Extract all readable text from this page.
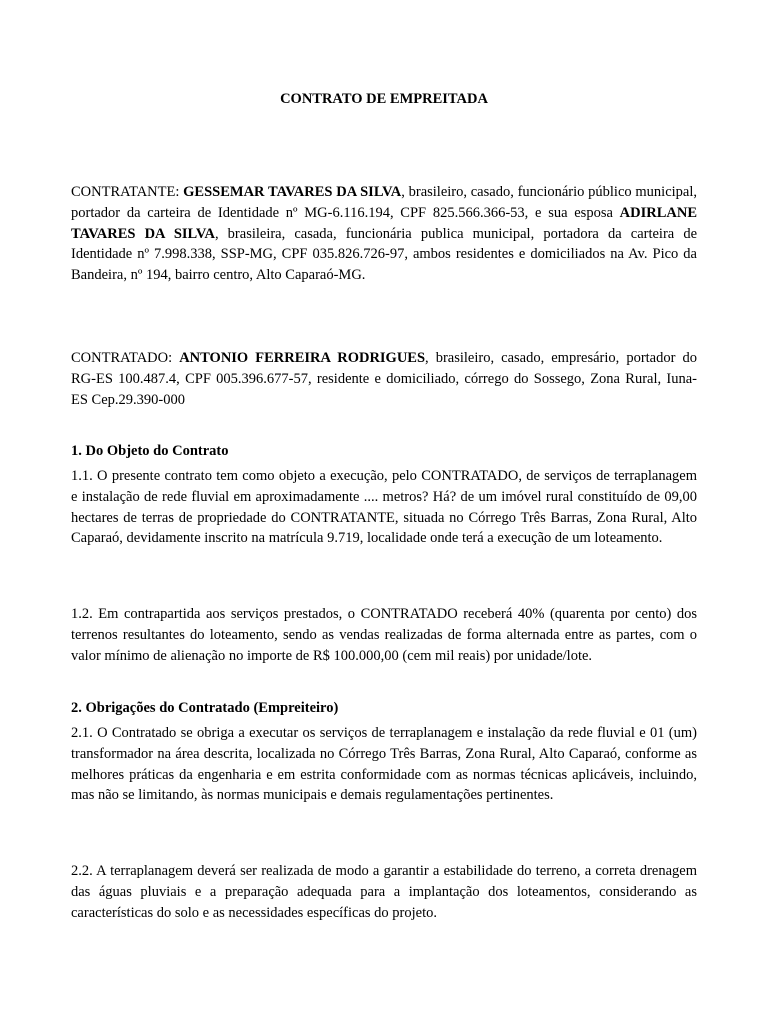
CONTRATO DE EMPREITADA
CONTRATANTE: GESSEMAR TAVARES DA SILVA, brasileiro, casado, funcionário público municipal, portador da carteira de Identidade nº MG-6.116.194, CPF 825.566.366-53, e sua esposa ADIRLANE TAVARES DA SILVA, brasileira, casada, funcionária publica municipal, portadora da carteira de Identidade nº 7.998.338, SSP-MG, CPF 035.826.726-97, ambos residentes e domiciliados na Av. Pico da Bandeira, nº 194, bairro centro, Alto Caparaó-MG.
CONTRATADO: ANTONIO FERREIRA RODRIGUES, brasileiro, casado, empresário, portador do RG-ES 100.487.4, CPF 005.396.677-57, residente e domiciliado, córrego do Sossego, Zona Rural, Iuna- ES Cep.29.390-000
1. Do Objeto do Contrato
1.1. O presente contrato tem como objeto a execução, pelo CONTRATADO, de serviços de terraplanagem e instalação de rede fluvial em aproximadamente .... metros? Há? de um imóvel rural constituído de 09,00 hectares de terras de propriedade do CONTRATANTE, situada no Córrego Três Barras, Zona Rural, Alto Caparaó, devidamente inscrito na matrícula 9.719, localidade onde terá a execução de um loteamento.
1.2. Em contrapartida aos serviços prestados, o CONTRATADO receberá 40% (quarenta por cento) dos terrenos resultantes do loteamento, sendo as vendas realizadas de forma alternada entre as partes, com o valor mínimo de alienação no importe de R$ 100.000,00 (cem mil reais) por unidade/lote.
2. Obrigações do Contratado (Empreiteiro)
2.1. O Contratado se obriga a executar os serviços de terraplanagem e instalação da rede fluvial e 01 (um) transformador na área descrita, localizada no Córrego Três Barras, Zona Rural, Alto Caparaó, conforme as melhores práticas da engenharia e em estrita conformidade com as normas técnicas aplicáveis, incluindo, mas não se limitando, às normas municipais e demais regulamentações pertinentes.
2.2. A terraplanagem deverá ser realizada de modo a garantir a estabilidade do terreno, a correta drenagem das águas pluviais e a preparação adequada para a implantação dos loteamentos, considerando as características do solo e as necessidades específicas do projeto.
